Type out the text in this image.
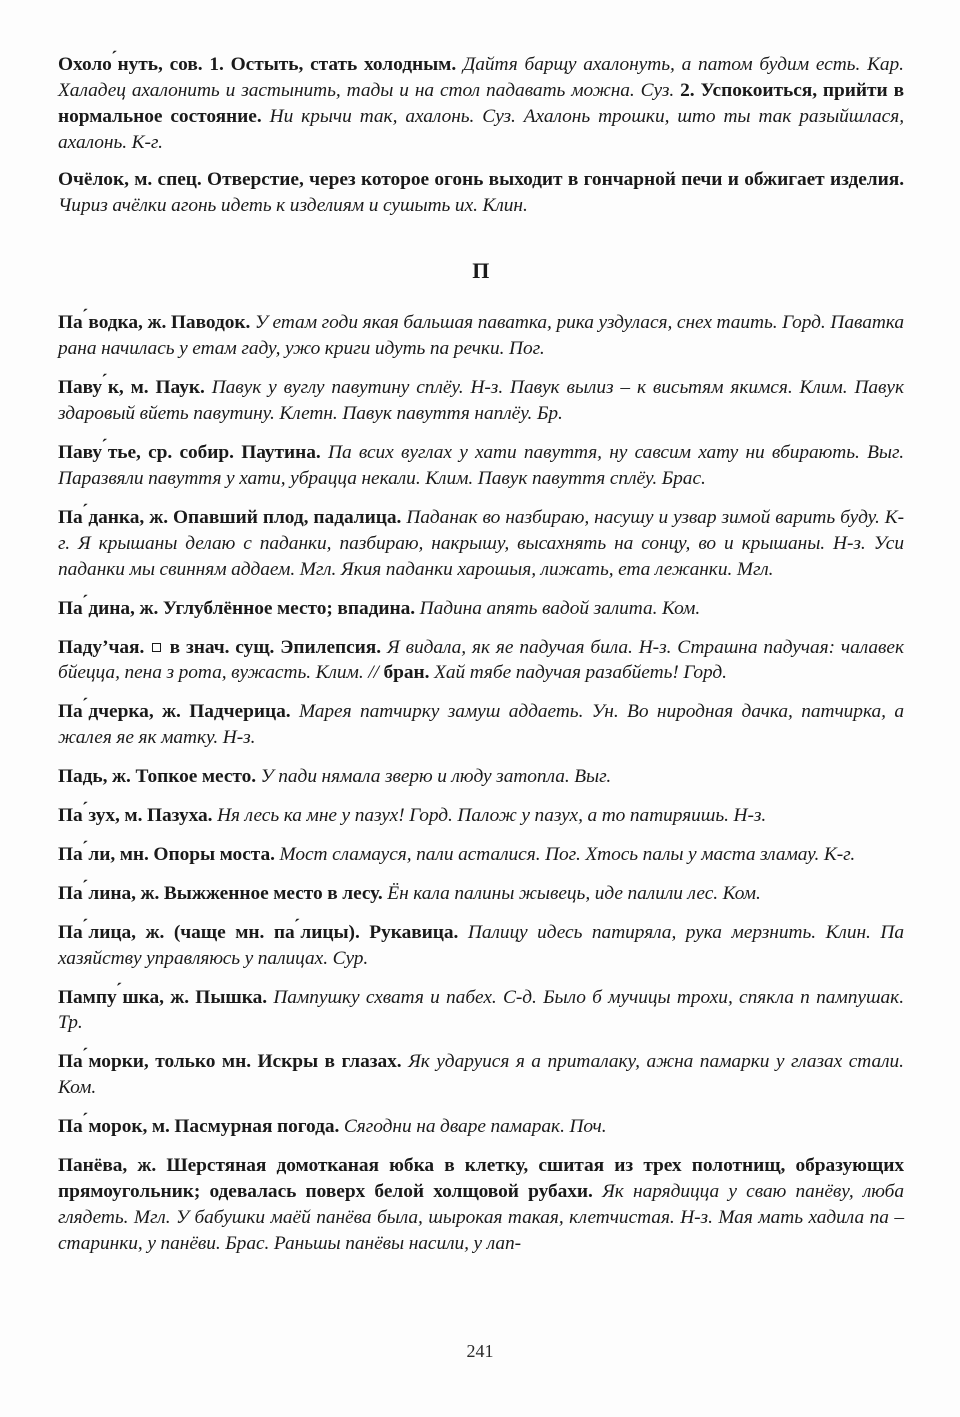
Охоло´нуть, сов. 1. Остыть, стать холодным. Дайтя барщу ахалонуть, а патом будим есть. Кар. Халадец ахалонить и застынить, тады и на стол падавать можна. Суз. 2. Успокоиться, прийти в нормальное состояние. Ни крычи так, ахалонь. Суз. Ахалонь трошки, што ты так разыйшлася, ахалонь. К-г.
Очёлок, м. спец. Отверстие, через которое огонь выходит в гончарной печи и обжигает изделия. Чириз ачёлки агонь идеть к изделиям и сушыть их. Клин.
П
Па´водка, ж. Паводок. У етам годи якая бальшая паватка, рика уздулася, снех таить. Горд. Паватка рана начилась у етам гаду, ужо криги идуть па речки. Пог.
Паву´к, м. Паук. Павук у вуглу павутину сплёу. Н-з. Павук вылиз – к висьтям якимся. Клим. Павук здаровый вйеть павутину. Клетн. Павук павуття наплёу. Бр.
Паву´тье, ср. собир. Паутина. Па всих вуглах у хати павуття, ну савсим хату ни вбирають. Выг. Паразвяли павуття у хати, убрацца некали. Клим. Павук павуття сплёу. Брас.
Па´данка, ж. Опавший плод, падалица. Паданак во назбираю, насушу и узвар зимой варить буду. К-г. Я крышаны делаю с паданки, пазбираю, накрышу, высахнять на сонцу, во и крышаны. Н-з. Уси паданки мы свинням аддаем. Мгл. Якия паданки харошыя, лижать, ета лежанки. Мгл.
Па´дина, ж. Углублённое место; впадина. Падина апять вадой залита. Ком.
Паду’чая.  в знач. сущ. Эпилепсия. Я видала, як яе падучая била. Н-з. Страшна падучая: чалавек бйецца, пена з рота, вужасть. Клим. // бран. Хай тябе падучая разабйеть! Горд.
Па´дчерка, ж. Падчерица. Марея патчирку замуш аддаеть. Ун. Во ниродная дачка, патчирка, а жалея яе як матку. Н-з.
Падь, ж. Топкое место. У пади нямала зверю и люду затопла. Выг.
Па´зух, м. Пазуха. Ня лесь ка мне у пазух! Горд. Палож у пазух, а то патиряишь. Н-з.
Па´ли, мн. Опоры моста. Мост сламауся, пали асталися. Пог. Хтось палы у маста зламау. К-г.
Па´лина, ж. Выжженное место в лесу. Ён кала палины жывець, иде палили лес. Ком.
Па´лица, ж. (чаще мн. па´лицы). Рукавица. Палицу идесь патиряла, рука мерзнить. Клин. Па хазяйству управляюсь у палицах. Сур.
Пампу´шка, ж. Пышка. Пампушку схватя и пабех. С-д. Было б мучицы трохи, спякла п пампушак. Тр.
Па´морки, только мн. Искры в глазах. Як ударуися я а приталаку, ажна памарки у глазах стали. Ком.
Па´морок, м. Пасмурная погода. Сягодни на дваре памарак. Поч.
Панёва, ж. Шерстяная домотканая юбка в клетку, сшитая из трех полотнищ, образующих прямоугольник; одевалась поверх белой холщовой рубахи. Як нарядицца у сваю панёву, люба глядеть. Мгл. У бабушки маёй панёва была, шырокая такая, клетчистая. Н-з. Мая мать хадила па – старинки, у панёви. Брас. Раньшы панёвы насили, у лап-
241
